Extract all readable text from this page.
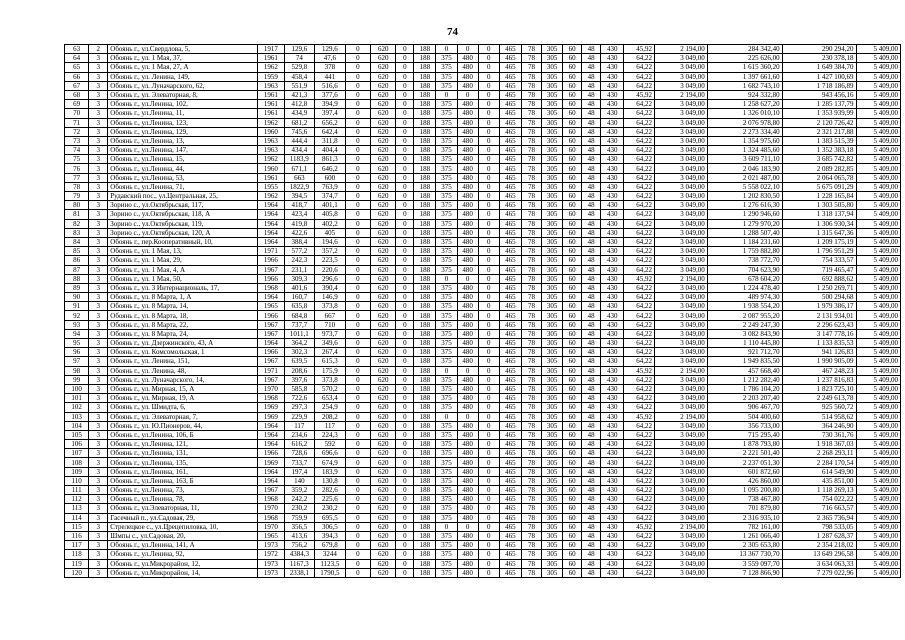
74
63	2	Обоянь г., ул.Свердлова, 5,	1917	129,6	129,6	0	620	0	188	0	0	0	465	78	305	60	48	430	45,92	2 194,00	284 342,40	290 294,20	5 409,00
64	3	Обоянь г., ул. 1 Мая, 37,	1961	74	47,6	0	620	0	188	375	480	0	465	78	305	60	48	430	64,22	3 049,00	225 626,00	230 378,18	5 409,00
65	3	Обоянь г., ул. 1 Мая, 27, А	1962	529,8	378	0	620	0	188	375	480	0	465	78	305	60	48	430	64,22	3 049,00	1 615 360,20	1 649 384,70	5 409,00
66	3	Обоянь г., ул. Ленина, 149,	1959	458,4	441	0	620	0	188	375	480	0	465	78	305	60	48	430	64,22	3 049,00	1 397 661,60	1 427 100,69	5 409,00
67	3	Обоянь г., ул. Луначарского, 62,	1963	551,9	516,6	0	620	0	188	375	480	0	465	78	305	60	48	430	64,22	3 049,00	1 682 743,10	1 718 186,89	5 409,00
68	3	Обоянь г., ул. Элеваторная, 8,	1961	421,3	377,6	0	620	0	188	0	0	0	465	78	305	60	48	430	45,92	2 194,00	924 332,80	943 456,16	5 409,00
69	3	Обоянь г., ул.Ленина, 102,	1961	412,8	394,9	0	620	0	188	375	480	0	465	78	305	60	48	430	64,22	3 049,00	1 258 627,20	1 285 137,79	5 409,00
70	3	Обоянь г., ул.Ленина, 11,	1961	434,9	397,4	0	620	0	188	375	480	0	465	78	305	60	48	430	64,22	3 049,00	1 326 010,10	1 353 939,99	5 409,00
71	3	Обоянь г., ул.Ленина, 123,	1962	681,2	656,2	0	620	0	188	375	480	0	465	78	305	60	48	430	64,22	3 049,00	2 076 978,80	2 120 726,42	5 409,00
72	3	Обоянь г., ул.Ленина, 129,	1960	745,6	642,4	0	620	0	188	375	480	0	465	78	305	60	48	430	64,22	3 049,00	2 273 334,40	2 321 217,88	5 409,00
73	3	Обоянь г., ул.Ленина, 13,	1963	444,4	311,8	0	620	0	188	375	480	0	465	78	305	60	48	430	64,22	3 049,00	1 354 975,60	1 383 515,39	5 409,00
74	3	Обоянь г., ул.Ленина, 147,	1963	434,4	404,4	0	620	0	188	375	480	0	465	78	305	60	48	430	64,22	3 049,00	1 324 485,60	1 352 383,18	5 409,00
75	3	Обоянь г., ул.Ленина, 15,	1962	1183,9	861,3	0	620	0	188	375	480	0	465	78	305	60	48	430	64,22	3 049,00	3 609 711,10	3 685 742,82	5 409,00
76	3	Обоянь г., ул.Ленина, 44,	1960	671,1	646,2	0	620	0	188	375	480	0	465	78	305	60	48	430	64,22	3 049,00	2 046 183,90	2 089 282,85	5 409,00
77	3	Обоянь г., ул.Ленина, 53,	1961	663	600	0	620	0	188	375	480	0	465	78	305	60	48	430	64,22	3 049,00	2 021 487,00	2 064 065,78	5 409,00
78	3	Обоянь г., ул.Ленина, 71,	1955	1822,9	763,9	0	620	0	188	375	480	0	465	78	305	60	48	430	64,22	3 049,00	5 558 022,10	5 675 091,29	5 409,00
79	3	Рудавский пос., ул.Центральная, 25,	1962	394,5	374,7	0	620	0	188	375	480	0	465	78	305	60	48	430	64,22	3 049,00	1 202 830,50	1 228 165,84	5 409,00
80	3	Зорино с., ул.Октябрьская, 117,	1964	418,7	401,1	0	620	0	188	375	480	0	465	78	305	60	48	430	64,22	3 049,00	1 276 616,30	1 303 505,80	5 409,00
81	3	Зорино с., ул.Октябрьская, 118, А	1964	423,4	405,8	0	620	0	188	375	480	0	465	78	305	60	48	430	64,22	3 049,00	1 290 946,60	1 318 137,94	5 409,00
82	3	Зорино с., ул.Октябрьская, 119,	1964	419,8	402,2	0	620	0	188	375	480	0	465	78	305	60	48	430	64,22	3 049,00	1 279 970,20	1 306 930,34	5 409,00
83	3	Зорино с., ул.Октябрьская, 120, А	1964	422,6	405	0	620	0	188	375	480	0	465	78	305	60	48	430	64,22	3 049,00	1 288 507,40	1 315 647,36	5 409,00
84	3	Обоянь г., пер.Кооперативный, 10,	1964	388,4	194,6	0	620	0	188	375	480	0	465	78	305	60	48	430	64,22	3 049,00	1 184 231,60	1 209 175,19	5 409,00
85	3	Обоянь г., ул. 1 Мая, 13,	1971	577,2	357,2	0	620	0	188	375	480	0	465	78	305	60	48	430	64,22	3 049,00	1 759 882,80	1 796 951,29	5 409,00
86	3	Обоянь г., ул. 1 Мая, 29,	1966	242,3	223,5	0	620	0	188	375	480	0	465	78	305	60	48	430	64,22	3 049,00	738 772,70	754 333,57	5 409,00
87	3	Обоянь г., ул. 1 Мая, 4, А	1967	231,1	220,6	0	620	0	188	375	480	0	465	78	305	60	48	430	64,22	3 049,00	704 623,90	719 465,47	5 409,00
88	3	Обоянь г., ул. 1 Мая, 50,	1966	309,3	296,6	0	620	0	188	0	0	0	465	78	305	60	48	430	45,92	2 194,00	678 604,20	692 888,62	5 409,00
89	3	Обоянь г., ул. 3 Интернациональ, 17,	1968	401,6	390,4	0	620	0	188	375	480	0	465	78	305	60	48	430	64,22	3 049,00	1 224 478,40	1 250 269,71	5 409,00
90	3	Обоянь г., ул. 8 Марта, 1, А	1964	160,7	146,9	0	620	0	188	375	480	0	465	78	305	60	48	430	64,22	3 049,00	489 974,30	500 294,68	5 409,00
91	3	Обоянь г., ул. 8 Марта, 14,	1965	635,8	373,8	0	620	0	188	375	480	0	465	78	305	60	48	430	64,22	3 049,00	1 938 554,20	1 979 386,17	5 409,00
92	3	Обоянь г., ул. 8 Марта, 18,	1966	684,8	667	0	620	0	188	375	480	0	465	78	305	60	48	430	64,22	3 049,00	2 087 955,20	2 131 934,01	5 409,00
93	3	Обоянь г., ул. 8 Марта, 22,	1967	737,7	710	0	620	0	188	375	480	0	465	78	305	60	48	430	64,22	3 049,00	2 249 247,30	2 296 623,43	5 409,00
94	3	Обоянь г., ул. 8 Марта, 24,	1967	1011,1	973,7	0	620	0	188	375	480	0	465	78	305	60	48	430	64,22	3 049,00	3 082 843,90	3 147 778,16	5 409,00
95	3	Обоянь г., ул. Дзержинского, 43, А	1964	364,2	349,6	0	620	0	188	375	480	0	465	78	305	60	48	430	64,22	3 049,00	1 110 445,80	1 133 835,53	5 409,00
96	3	Обоянь г., ул. Комсомольская, 1	1966	302,3	267,4	0	620	0	188	375	480	0	465	78	305	60	48	430	64,22	3 049,00	921 712,70	941 126,83	5 409,00
97	3	Обоянь г., ул. Ленина, 151,	1967	639,5	615,3	0	620	0	188	375	480	0	465	78	305	60	48	430	64,22	3 049,00	1 949 835,50	1 990 905,09	5 409,00
98	3	Обоянь г., ул. Ленина, 48,	1971	208,6	175,9	0	620	0	188	0	0	0	465	78	305	60	48	430	45,92	2 194,00	457 668,40	467 248,23	5 409,00
99	3	Обоянь г., ул. Луначарского, 14,	1967	397,6	373,8	0	620	0	188	375	480	0	465	78	305	60	48	430	64,22	3 049,00	1 212 282,40	1 237 816,83	5 409,00
100	3	Обоянь г., ул. Мирная, 15, А	1970	585,8	570,2	0	620	0	188	375	480	0	465	78	305	60	48	430	64,22	3 049,00	1 786 104,20	1 823 725,10	5 409,00
101	3	Обоянь г., ул. Мирная, 19, А	1968	722,6	653,4	0	620	0	188	375	480	0	465	78	305	60	48	430	64,22	3 049,00	2 203 207,40	2 249 613,78	5 409,00
102	3	Обоянь г., ул. Шмидта, 6,	1969	297,3	254,9	0	620	0	188	375	480	0	465	78	305	60	48	430	64,22	3 049,00	906 467,70	925 560,72	5 409,00
103	3	Обоянь г., ул. Элеваторная, 7,	1969	229,9	208,2	0	620	0	188	0	0	0	465	78	305	60	48	430	45,92	2 194,00	504 400,60	514 958,62	5 409,00
104	3	Обоянь г., ул. Ю.Пионеров, 44,	1964	117	117	0	620	0	188	375	480	0	465	78	305	60	48	430	64,22	3 049,00	356 733,00	364 246,90	5 409,00
105	3	Обоянь г., ул.Ленина, 106, Б	1964	234,6	224,3	0	620	0	188	375	480	0	465	78	305	60	48	430	64,22	3 049,00	715 295,40	730 361,76	5 409,00
106	3	Обоянь г., ул.Ленина, 121,	1964	616,2	592	0	620	0	188	375	480	0	465	78	305	60	48	430	64,22	3 049,00	1 878 793,80	1 918 367,03	5 409,00
107	3	Обоянь г., ул.Ленина, 131,	1966	728,6	696,6	0	620	0	188	375	480	0	465	78	305	60	48	430	64,22	3 049,00	2 221 501,40	2 268 293,11	5 409,00
108	3	Обоянь г., ул.Ленина, 135,	1969	733,7	674,9	0	620	0	188	375	480	0	465	78	305	60	48	430	64,22	3 049,00	2 237 051,30	2 284 170,54	5 409,00
109	3	Обоянь г., ул.Ленина, 161,	1964	197,4	183,9	0	620	0	188	375	480	0	465	78	305	60	48	430	64,22	3 049,00	601 872,60	614 549,90	5 409,00
110	3	Обоянь г., ул.Ленина, 163, Б	1964	140	130,8	0	620	0	188	375	480	0	465	78	305	60	48	430	64,22	3 049,00	426 860,00	435 851,00	5 409,00
111	3	Обоянь г., ул.Ленина, 73,	1967	359,2	282,6	0	620	0	188	375	480	0	465	78	305	60	48	430	64,22	3 049,00	1 095 200,80	1 118 269,13	5 409,00
112	3	Обоянь г., ул.Ленина, 78,	1968	242,2	225,6	0	620	0	188	375	480	0	465	78	305	60	48	430	64,22	3 049,00	738 467,80	754 022,22	5 409,00
113	3	Обоянь г., ул.Элеваторная, 11,	1970	230,2	230,2	0	620	0	188	375	480	0	465	78	305	60	48	430	64,22	3 049,00	701 879,80	716 663,57	5 409,00
114	3	Гасечный п., ул.Садовая, 29,	1968	759,9	695,5	0	620	0	188	375	480	0	465	78	305	60	48	430	64,22	3 049,00	2 316 935,10	2 365 736,94	5 409,00
115	3	Стрелецкое с., ул.Црецепиловка, 10,	1970	356,5	306,5	0	620	0	188	0	0	0	465	78	305	60	48	430	45,92	2 194,00	782 161,00	798 533,05	5 409,00
116	3	Шмпы с., ул.Садовая, 20,	1965	413,6	394,3	0	620	0	188	375	480	0	465	78	305	60	48	430	64,22	3 049,00	1 261 066,40	1 287 628,37	5 409,00
117	3	Обоянь г., ул.Ленина, 141, А	1973	756,2	679,8	0	620	0	188	375	480	0	465	78	305	60	48	430	64,22	3 049,00	2 305 653,80	2 354 218,02	5 409,00
118	3	Обоянь г., ул.Ленина, 92,	1972	4384,3	3244	0	620	0	188	375	480	0	465	78	305	60	48	430	64,22	3 049,00	13 367 730,70	13 649 296,58	5 409,00
119	3	Обоянь г., ул.Микрорайон, 12,	1973	1167,3	1123,5	0	620	0	188	375	480	0	465	78	305	60	48	430	64,22	3 049,00	3 559 097,70	3 634 063,33	5 409,00
120	3	Обоянь г., ул.Микрорайон, 14,	1973	2338,1	1790,5	0	620	0	188	375	480	0	465	78	305	60	48	430	64,22	3 049,00	7 128 866,90	7 279 022,96	5 409,00
